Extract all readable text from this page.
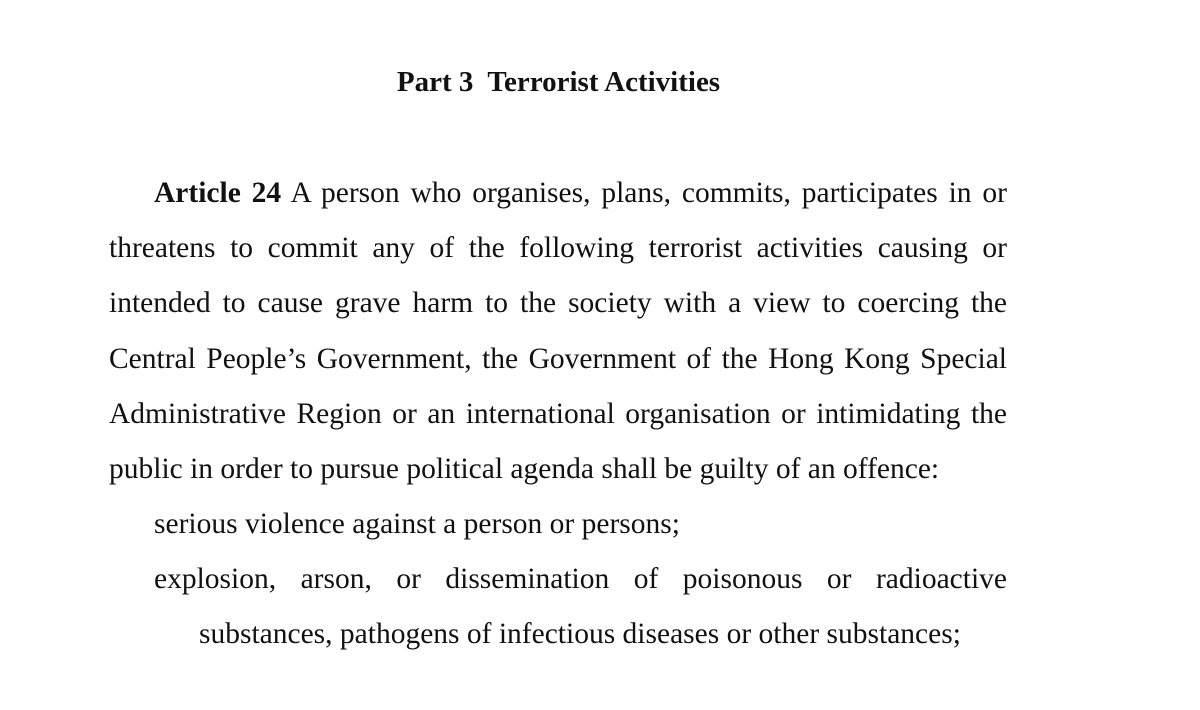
Part 3  Terrorist Activities

Article 24 A person who organises, plans, commits, participates in or threatens to commit any of the following terrorist activities causing or intended to cause grave harm to the society with a view to coercing the Central People’s Government, the Government of the Hong Kong Special Administrative Region or an international organisation or intimidating the public in order to pursue political agenda shall be guilty of an offence:

serious violence against a person or persons;

explosion, arson, or dissemination of poisonous or radioactive substances, pathogens of infectious diseases or other substances;
